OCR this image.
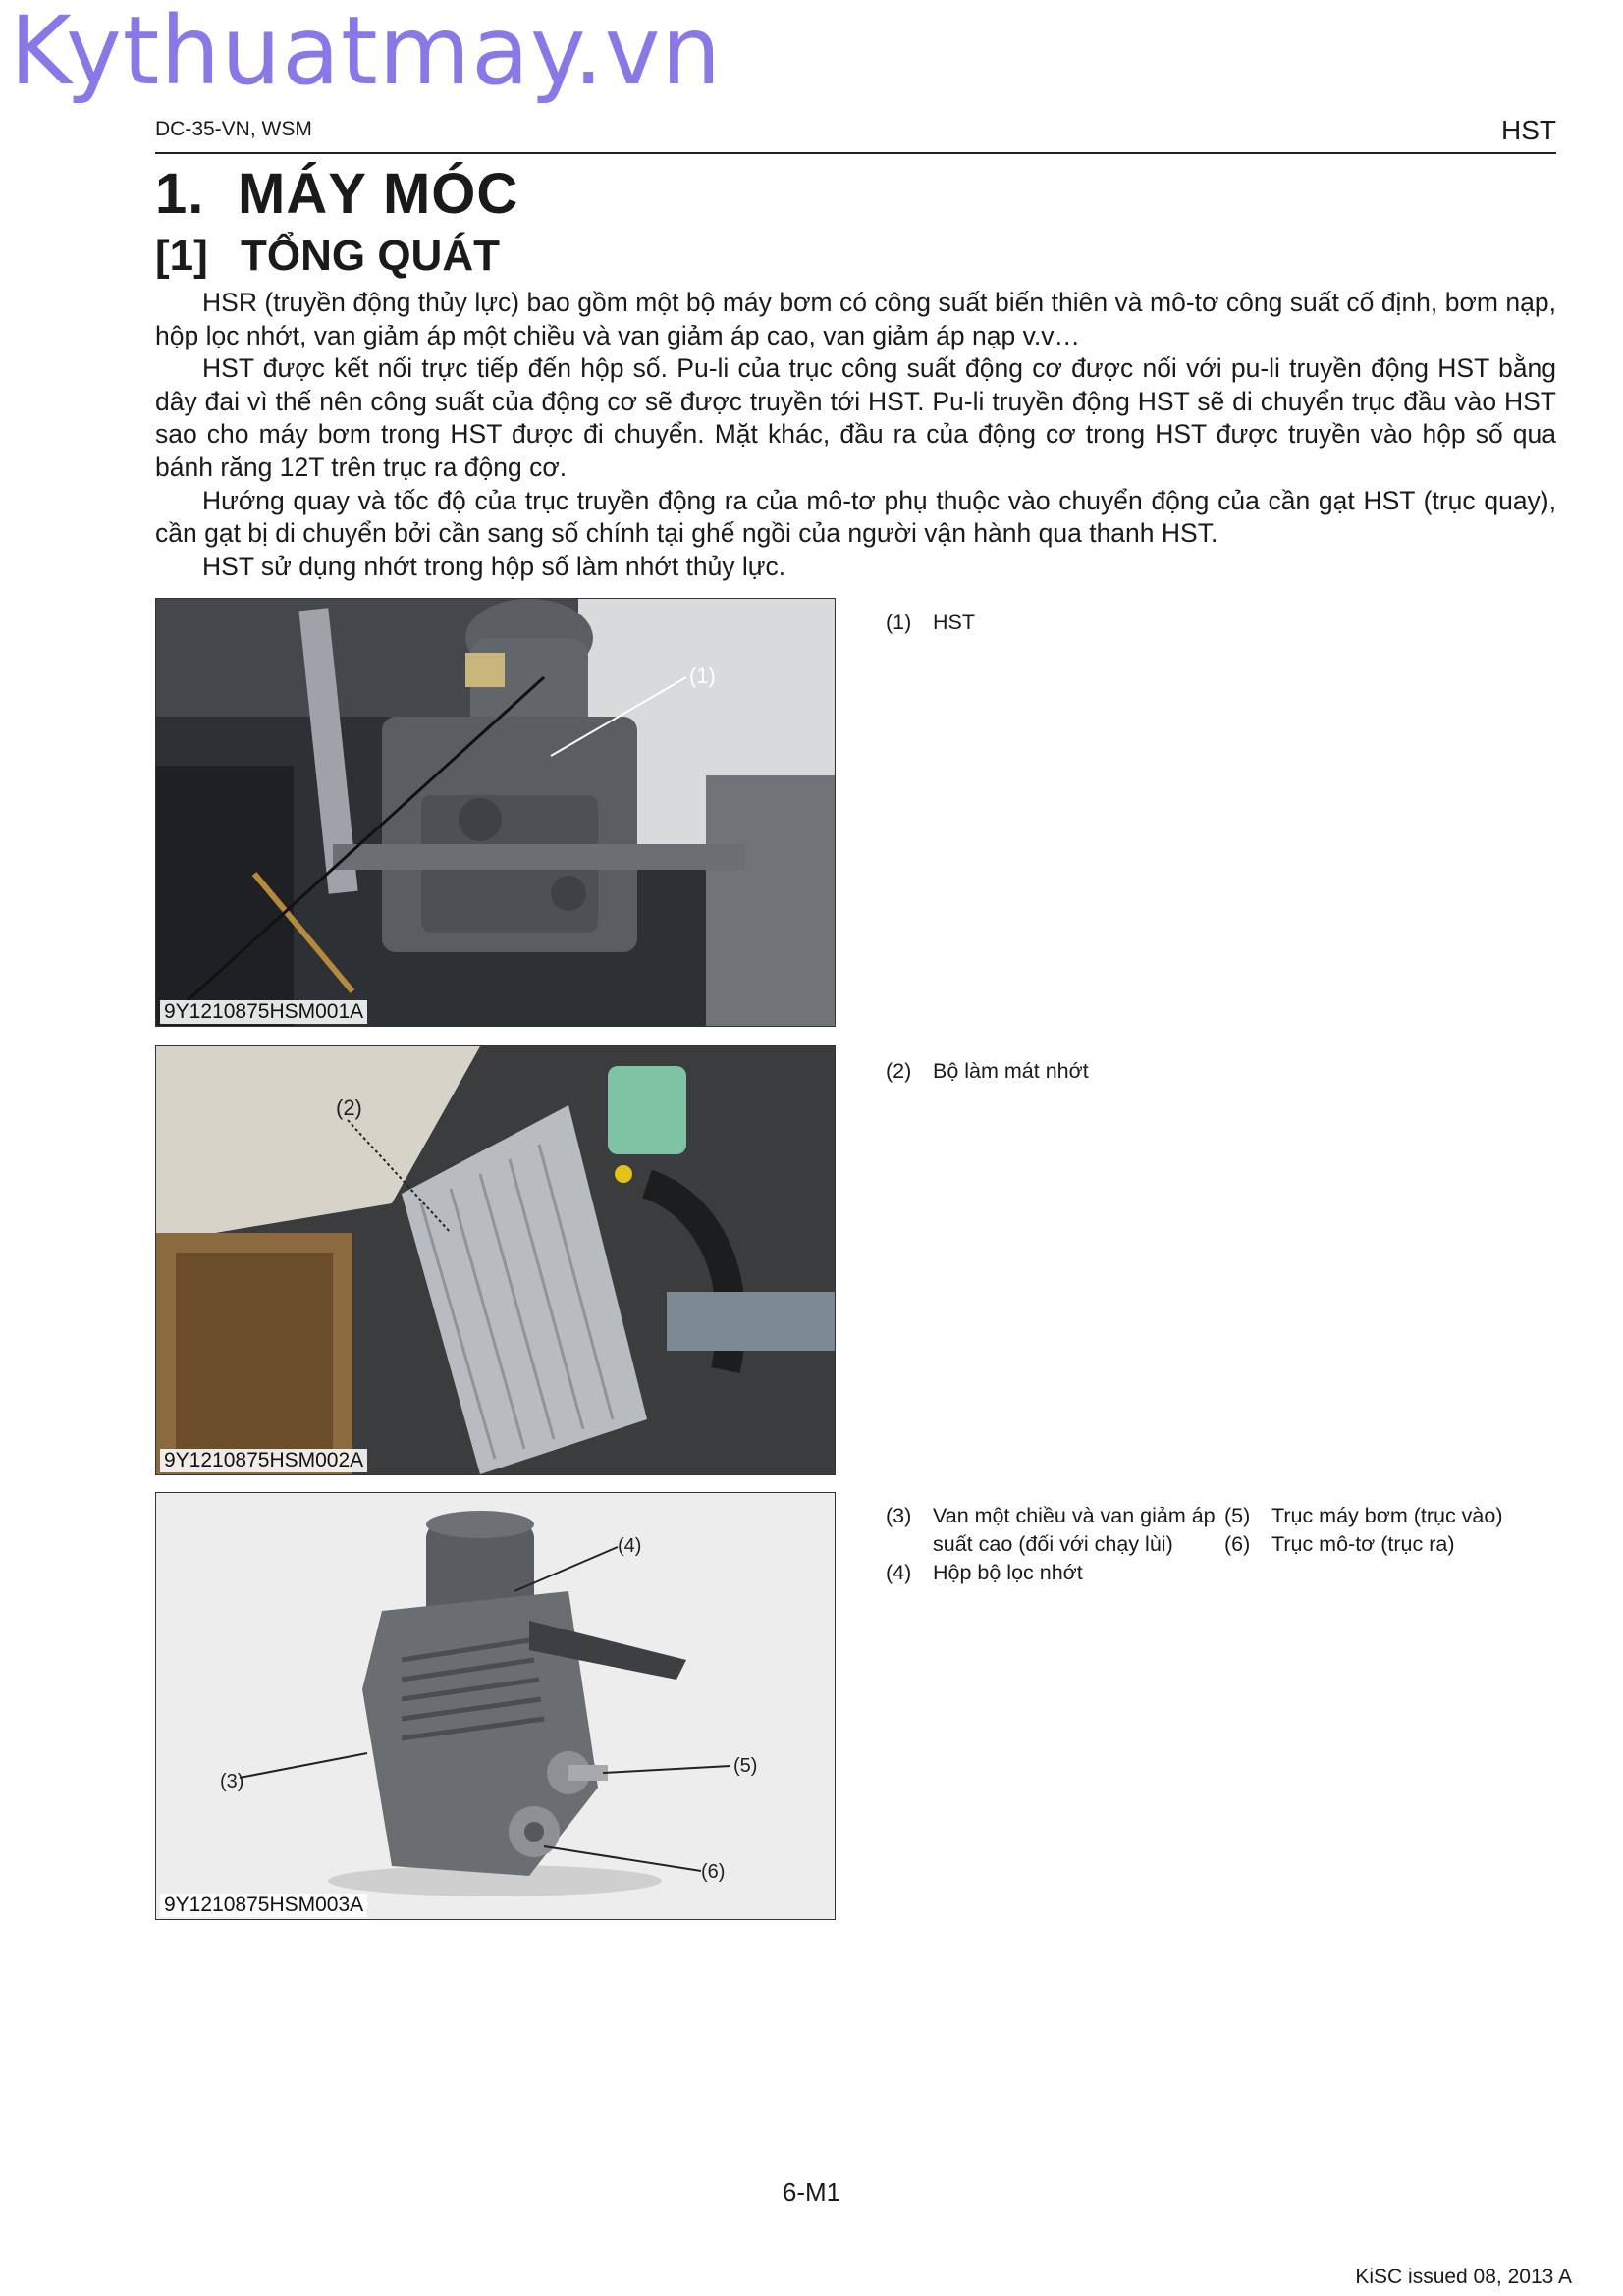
Kythuatmay.vn
DC-35-VN, WSM	HST
1. MÁY MÓC
[1] TỔNG QUÁT

HSR (truyền động thủy lực) bao gồm một bộ máy bơm có công suất biến thiên và mô-tơ công suất cố định, bơm nạp, hộp lọc nhớt, van giảm áp một chiều và van giảm áp cao, van giảm áp nạp v.v…

HST được kết nối trực tiếp đến hộp số. Pu-li của trục công suất động cơ được nối với pu-li truyền động HST bằng dây đai vì thế nên công suất của động cơ sẽ được truyền tới HST. Pu-li truyền động HST sẽ di chuyển trục đầu vào HST sao cho máy bơm trong HST được đi chuyển. Mặt khác, đầu ra của động cơ trong HST được truyền vào hộp số qua bánh răng 12T trên trục ra động cơ.

Hướng quay và tốc độ của trục truyền động ra của mô-tơ phụ thuộc vào chuyển động của cần gạt HST (trục quay), cần gạt bị di chuyển bởi cần sang số chính tại ghế ngồi của người vận hành qua thanh HST.

HST sử dụng nhớt trong hộp số làm nhớt thủy lực.

(1)
9Y1210875HSM001A
(1)	HST
(2)
9Y1210875HSM002A
(2)	Bộ làm mát nhớt
(4)
(3)
(5)
(6)
9Y1210875HSM003A
(3)	Van một chiều và van giảm áp suất cao (đối với chạy lùi)
(4)	Hộp bộ lọc nhớt
(5)	Trục máy bơm (trục vào)
(6)	Trục mô-tơ (trục ra)
6-M1
KiSC issued 08, 2013 A
